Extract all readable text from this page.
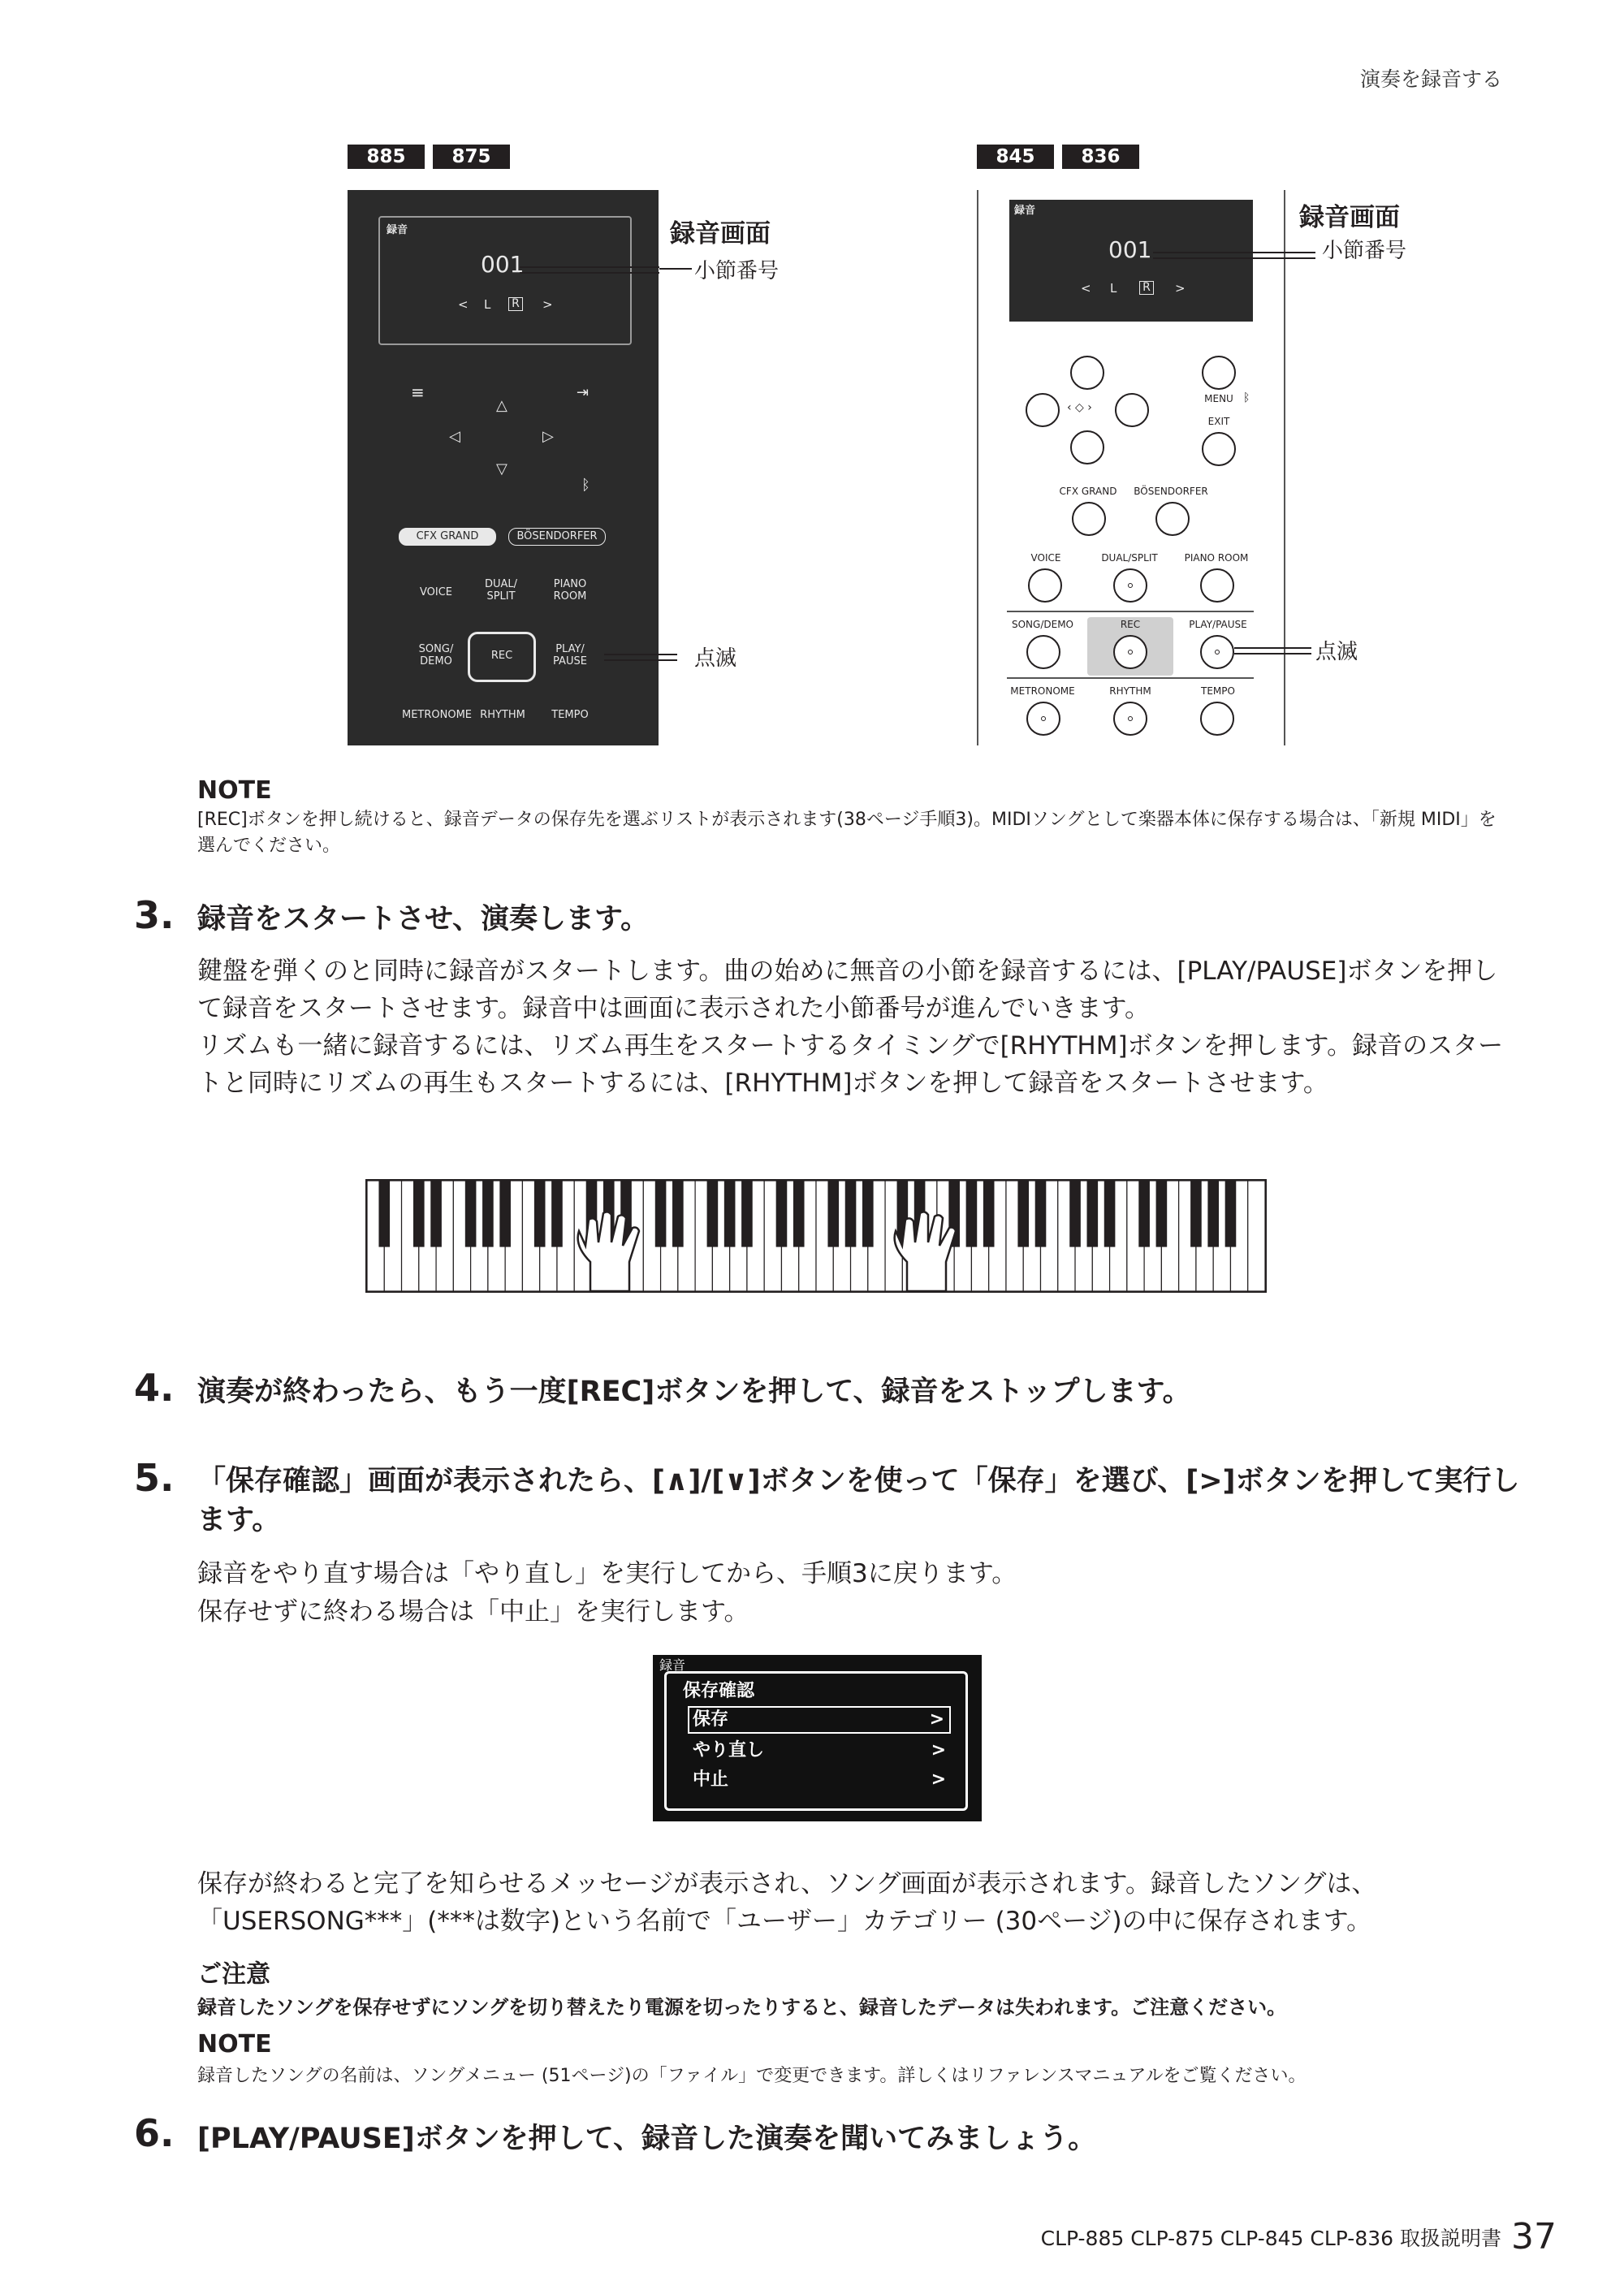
演奏を録音する
885	875
録音
001
< L R >
≡	⇥
△
◁	▷
▽
ᛒ
CFX GRAND	BÖSENDORFER
VOICE
DUAL/
SPLIT
PIANO
ROOM
SONG/
DEMO	REC
PLAY/
PAUSE
METRONOME RHYTHM	TEMPO
録音画面
小節番号
点滅
845	836
録音
001
< L R >
録音画面
小節番号
‹ ◇ ›
MENU ᛒ
EXIT
CFX GRAND	BÖSENDORFER
VOICE	DUAL/SPLIT	PIANO ROOM
SONG/DEMO	REC	PLAY/PAUSE
点滅
METRONOME	RHYTHM	TEMPO
NOTE
[REC]ボタンを押し続けると、録音データの保存先を選ぶリストが表示されます(38ページ手順3)。MIDIソングとして楽器本体に保存する場合は、「新規 MIDI」を選んでください。
3. 録音をスタートさせ、演奏します。
鍵盤を弾くのと同時に録音がスタートします。曲の始めに無音の小節を録音するには、[PLAY/PAUSE]ボタンを押して録音をスタートさせます。録音中は画面に表示された小節番号が進んでいきます。
リズムも一緒に録音するには、リズム再生をスタートするタイミングで[RHYTHM]ボタンを押します。録音のスタートと同時にリズムの再生もスタートするには、[RHYTHM]ボタンを押して録音をスタートさせます。
4. 演奏が終わったら、もう一度[REC]ボタンを押して、録音をストップします。
5. 「保存確認」画面が表示されたら、[∧]/[∨]ボタンを使って「保存」を選び、[>]ボタンを押して実行します。
録音をやり直す場合は「やり直し」を実行してから、手順3に戻ります。
保存せずに終わる場合は「中止」を実行します。
録音
保存確認
保存	>
やり直し	>
中止	>
保存が終わると完了を知らせるメッセージが表示され、ソング画面が表示されます。録音したソングは、「USERSONG***」(***は数字)という名前で「ユーザー」カテゴリー (30ページ)の中に保存されます。
ご注意
録音したソングを保存せずにソングを切り替えたり電源を切ったりすると、録音したデータは失われます。ご注意ください。
NOTE
録音したソングの名前は、ソングメニュー (51ページ)の「ファイル」で変更できます。詳しくはリファレンスマニュアルをご覧ください。
6. [PLAY/PAUSE]ボタンを押して、録音した演奏を聞いてみましょう。
CLP-885 CLP-875 CLP-845 CLP-836 取扱説明書 37
